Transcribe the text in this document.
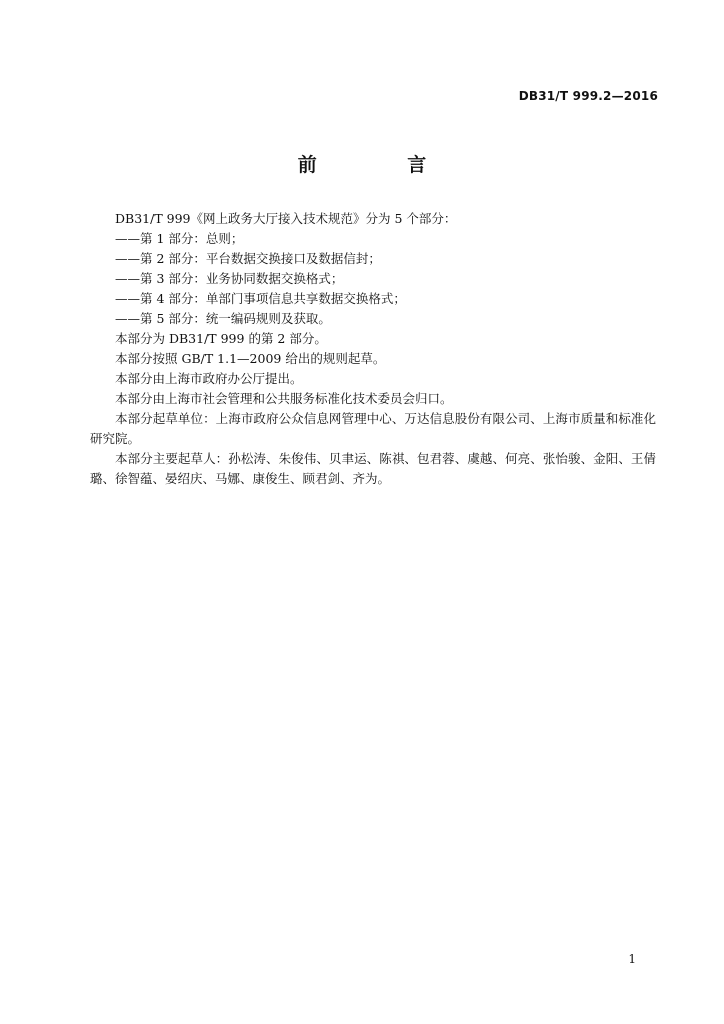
DB31/T 999.2—2016
前 言

DB31/T 999《网上政务大厅接入技术规范》分为 5 个部分：

——第 1 部分：总则；

——第 2 部分：平台数据交换接口及数据信封；

——第 3 部分：业务协同数据交换格式；

——第 4 部分：单部门事项信息共享数据交换格式；

——第 5 部分：统一编码规则及获取。

本部分为 DB31/T 999 的第 2 部分。

本部分按照 GB/T 1.1—2009 给出的规则起草。

本部分由上海市政府办公厅提出。

本部分由上海市社会管理和公共服务标准化技术委员会归口。

本部分起草单位：上海市政府公众信息网管理中心、万达信息股份有限公司、上海市质量和标准化研究院。

本部分主要起草人：孙松涛、朱俊伟、贝聿运、陈祺、包君蓉、虞越、何亮、张怡骏、金阳、王倩璐、徐智蕴、晏绍庆、马娜、康俊生、顾君剑、齐为。

1
